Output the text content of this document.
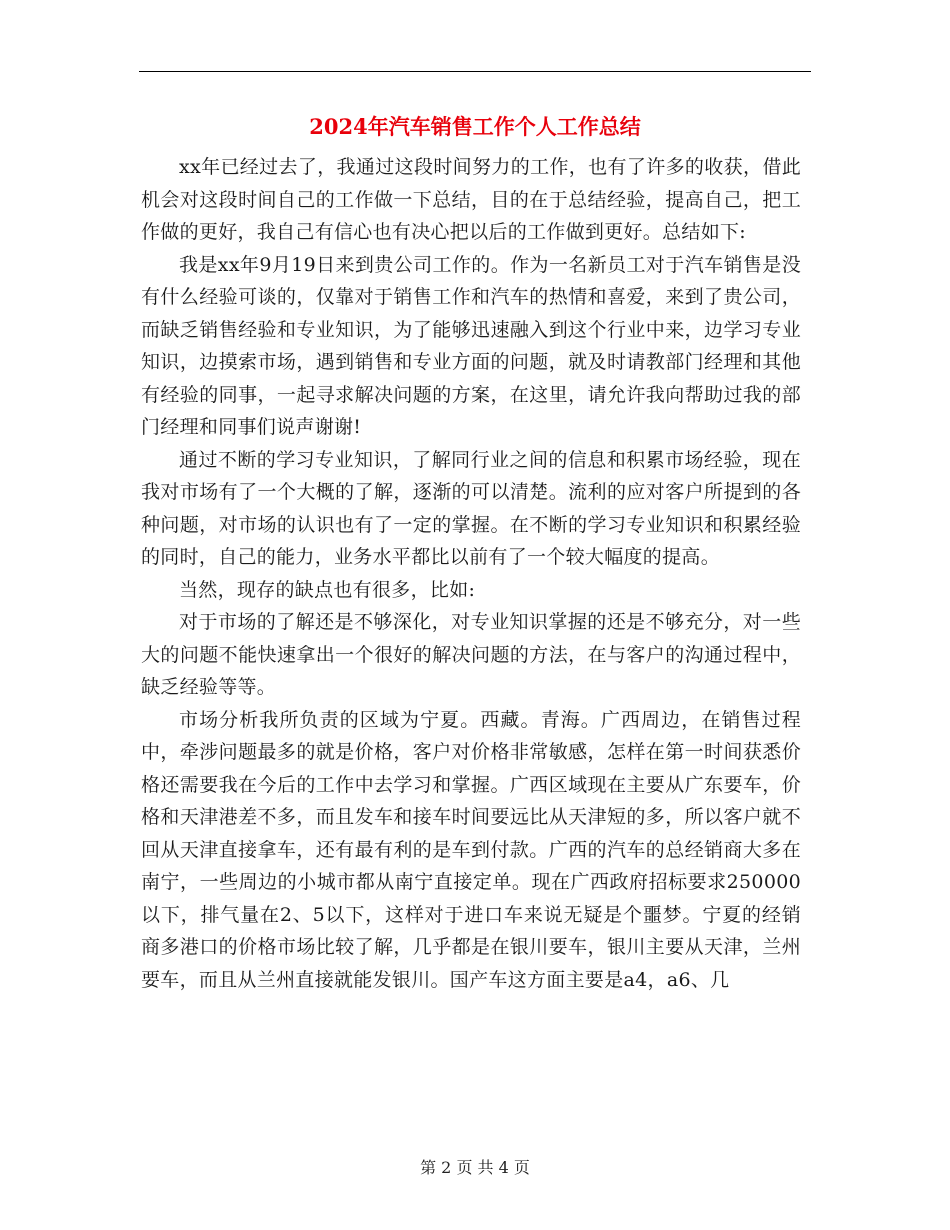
2024年汽车销售工作个人工作总结

xx年已经过去了，我通过这段时间努力的工作，也有了许多的收获，借此机会对这段时间自己的工作做一下总结，目的在于总结经验，提高自己，把工作做的更好，我自己有信心也有决心把以后的工作做到更好。总结如下:

我是xx年9月19日来到贵公司工作的。作为一名新员工对于汽车销售是没有什么经验可谈的，仅靠对于销售工作和汽车的热情和喜爱，来到了贵公司，而缺乏销售经验和专业知识，为了能够迅速融入到这个行业中来，边学习专业知识，边摸索市场，遇到销售和专业方面的问题，就及时请教部门经理和其他有经验的同事，一起寻求解决问题的方案，在这里，请允许我向帮助过我的部门经理和同事们说声谢谢!

通过不断的学习专业知识，了解同行业之间的信息和积累市场经验，现在我对市场有了一个大概的了解，逐渐的可以清楚。流利的应对客户所提到的各种问题，对市场的认识也有了一定的掌握。在不断的学习专业知识和积累经验的同时，自己的能力，业务水平都比以前有了一个较大幅度的提高。

当然，现存的缺点也有很多，比如:

对于市场的了解还是不够深化，对专业知识掌握的还是不够充分，对一些大的问题不能快速拿出一个很好的解决问题的方法，在与客户的沟通过程中，缺乏经验等等。

市场分析我所负责的区域为宁夏。西藏。青海。广西周边，在销售过程中，牵涉问题最多的就是价格，客户对价格非常敏感，怎样在第一时间获悉价格还需要我在今后的工作中去学习和掌握。广西区域现在主要从广东要车，价格和天津港差不多，而且发车和接车时间要远比从天津短的多，所以客户就不回从天津直接拿车，还有最有利的是车到付款。广西的汽车的总经销商大多在南宁，一些周边的小城市都从南宁直接定单。现在广西政府招标要求250000以下，排气量在2、5以下，这样对于进口车来说无疑是个噩梦。宁夏的经销商多港口的价格市场比较了解，几乎都是在银川要车，银川主要从天津，兰州要车，而且从兰州直接就能发银川。国产车这方面主要是a4，a6、几

第 2 页 共 4 页
